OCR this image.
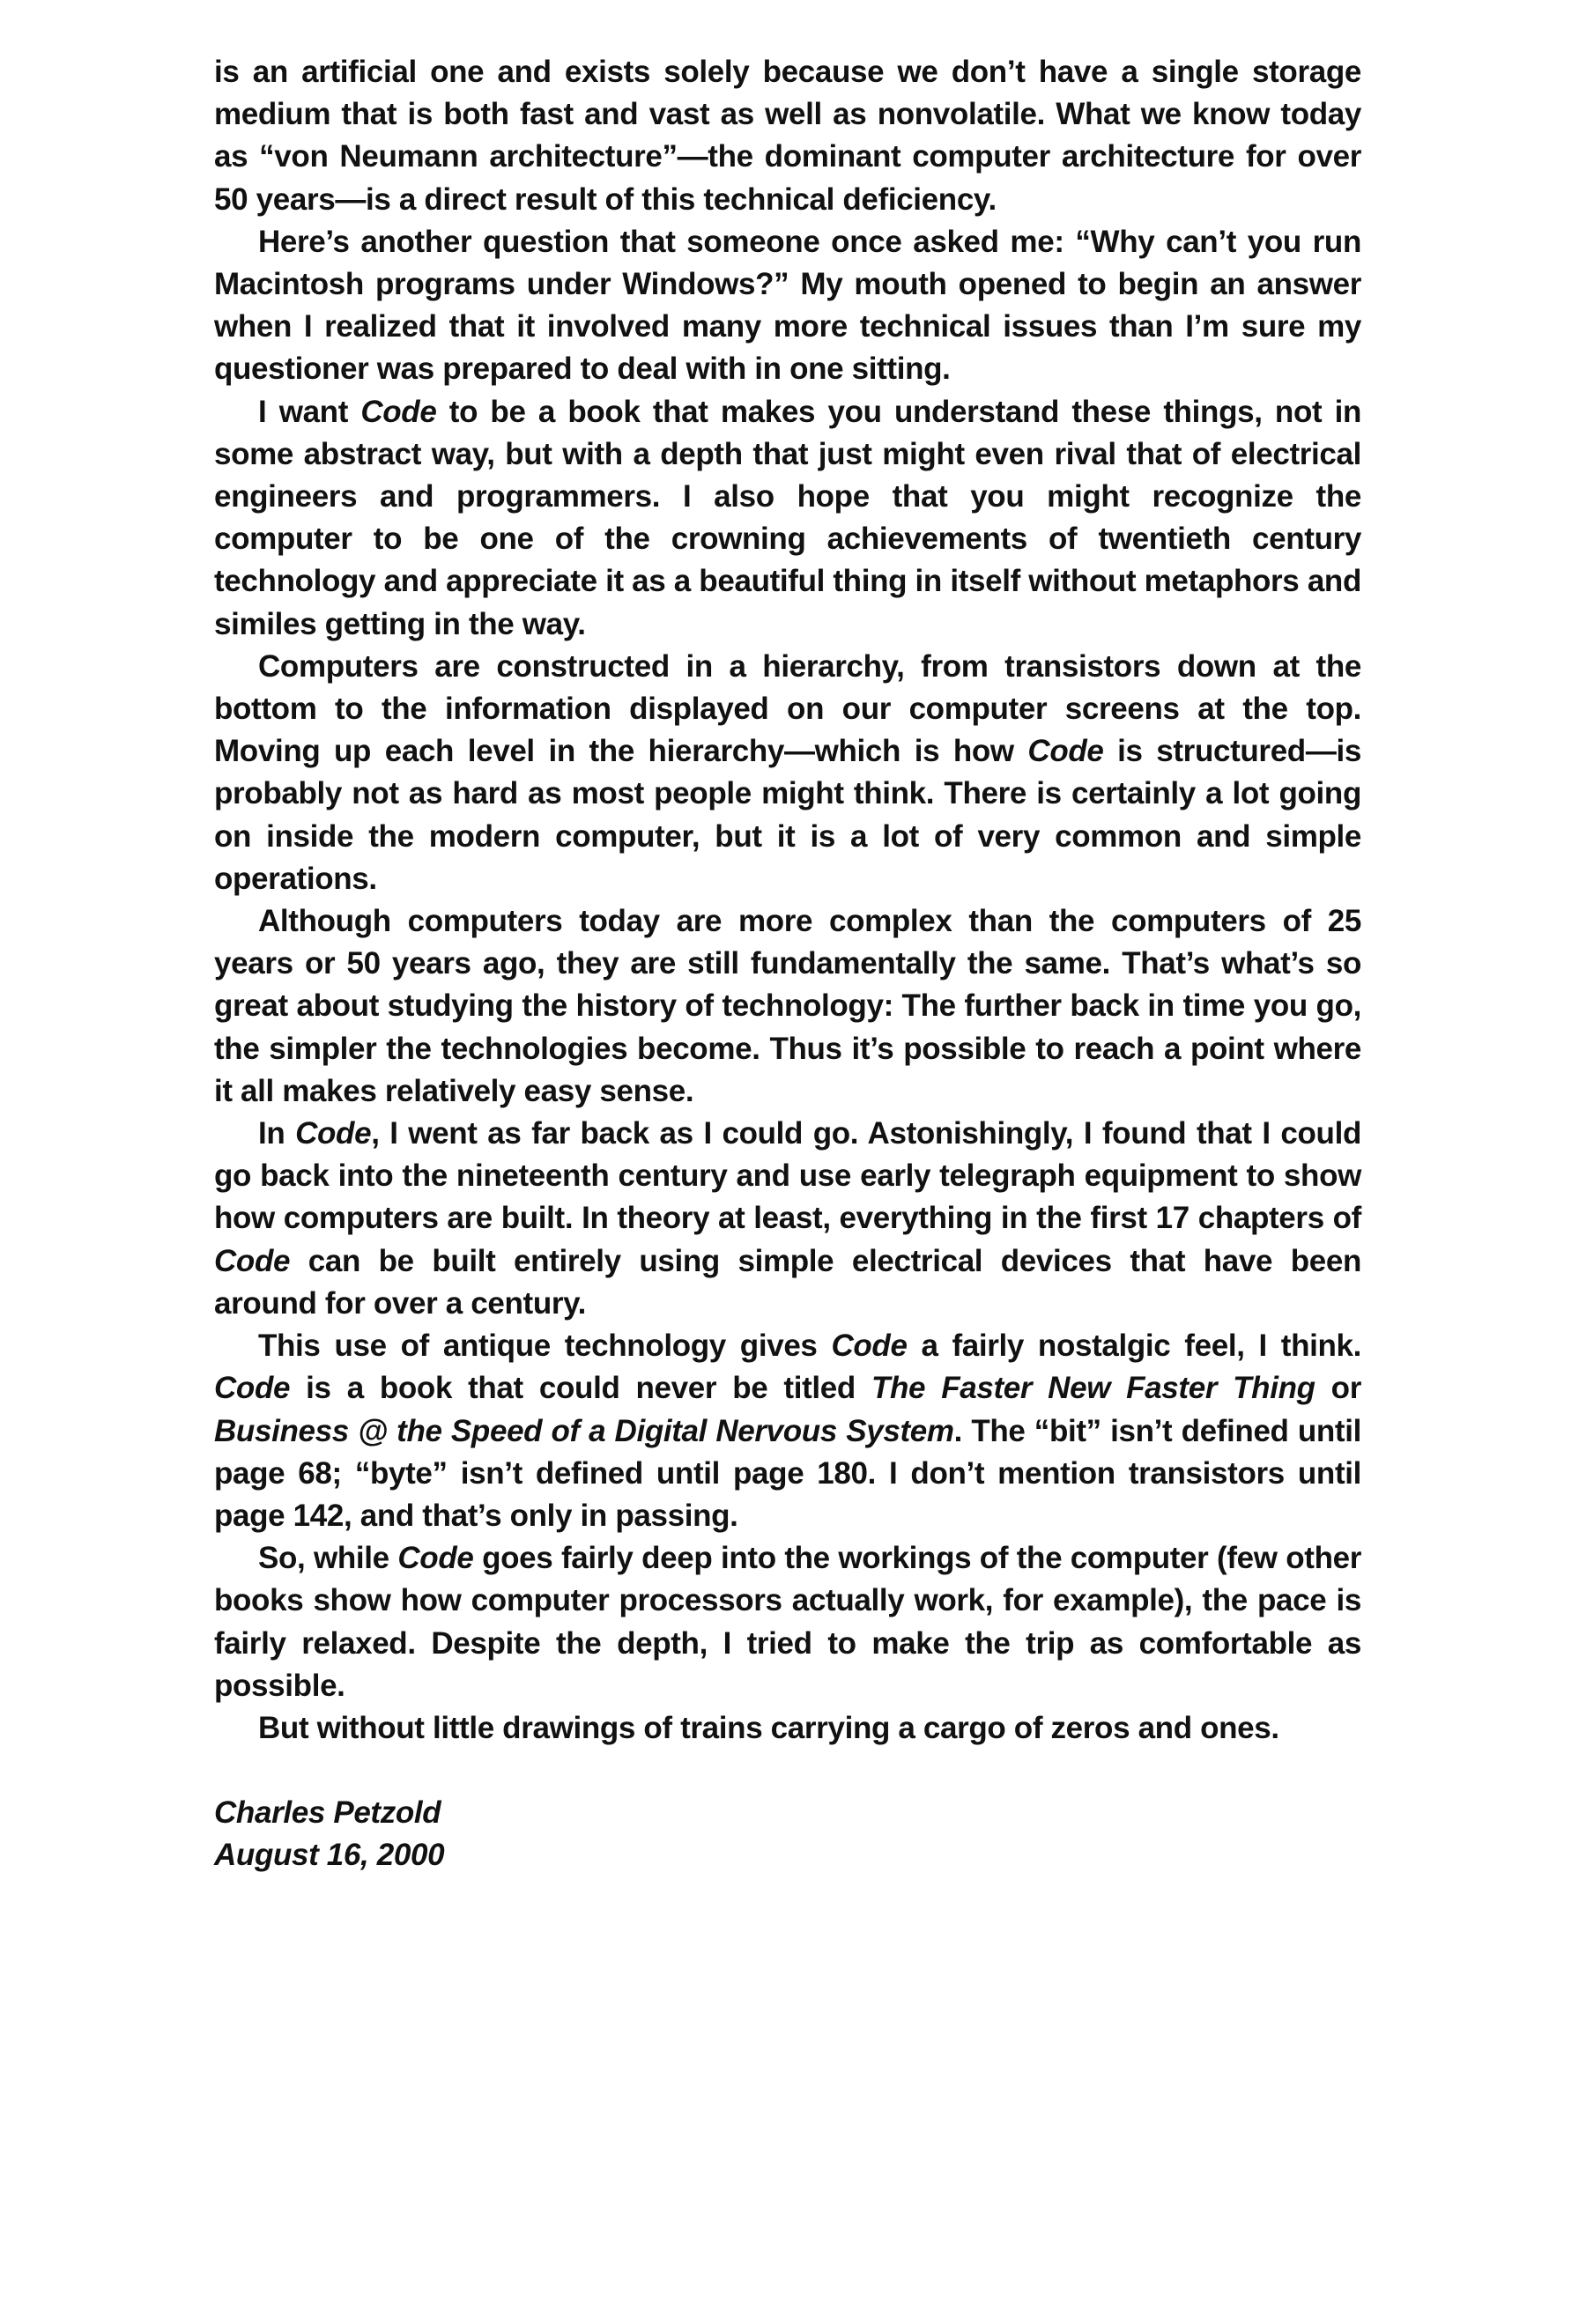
is an artificial one and exists solely because we don’t have a single storage medium that is both fast and vast as well as nonvolatile. What we know today as “von Neumann architecture”—the dominant computer architecture for over 50 years—is a direct result of this technical deficiency.

Here’s another question that someone once asked me: “Why can’t you run Macintosh programs under Windows?” My mouth opened to begin an answer when I realized that it involved many more technical issues than I’m sure my questioner was prepared to deal with in one sitting.

I want Code to be a book that makes you understand these things, not in some abstract way, but with a depth that just might even rival that of electrical engineers and programmers. I also hope that you might recognize the computer to be one of the crowning achievements of twentieth century technology and appreciate it as a beautiful thing in itself without metaphors and similes getting in the way.

Computers are constructed in a hierarchy, from transistors down at the bottom to the information displayed on our computer screens at the top. Moving up each level in the hierarchy—which is how Code is structured—is probably not as hard as most people might think. There is certainly a lot going on inside the modern computer, but it is a lot of very common and simple operations.

Although computers today are more complex than the computers of 25 years or 50 years ago, they are still fundamentally the same. That’s what’s so great about studying the history of technology: The further back in time you go, the simpler the technologies become. Thus it’s possible to reach a point where it all makes relatively easy sense.

In Code, I went as far back as I could go. Astonishingly, I found that I could go back into the nineteenth century and use early telegraph equipment to show how computers are built. In theory at least, everything in the first 17 chapters of Code can be built entirely using simple electrical devices that have been around for over a century.

This use of antique technology gives Code a fairly nostalgic feel, I think. Code is a book that could never be titled The Faster New Faster Thing or Business @ the Speed of a Digital Nervous System. The “bit” isn’t defined until page 68; “byte” isn’t defined until page 180. I don’t mention transistors until page 142, and that’s only in passing.

So, while Code goes fairly deep into the workings of the computer (few other books show how computer processors actually work, for example), the pace is fairly relaxed. Despite the depth, I tried to make the trip as comfortable as possible.

But without little drawings of trains carrying a cargo of zeros and ones.

Charles Petzold
August 16, 2000
